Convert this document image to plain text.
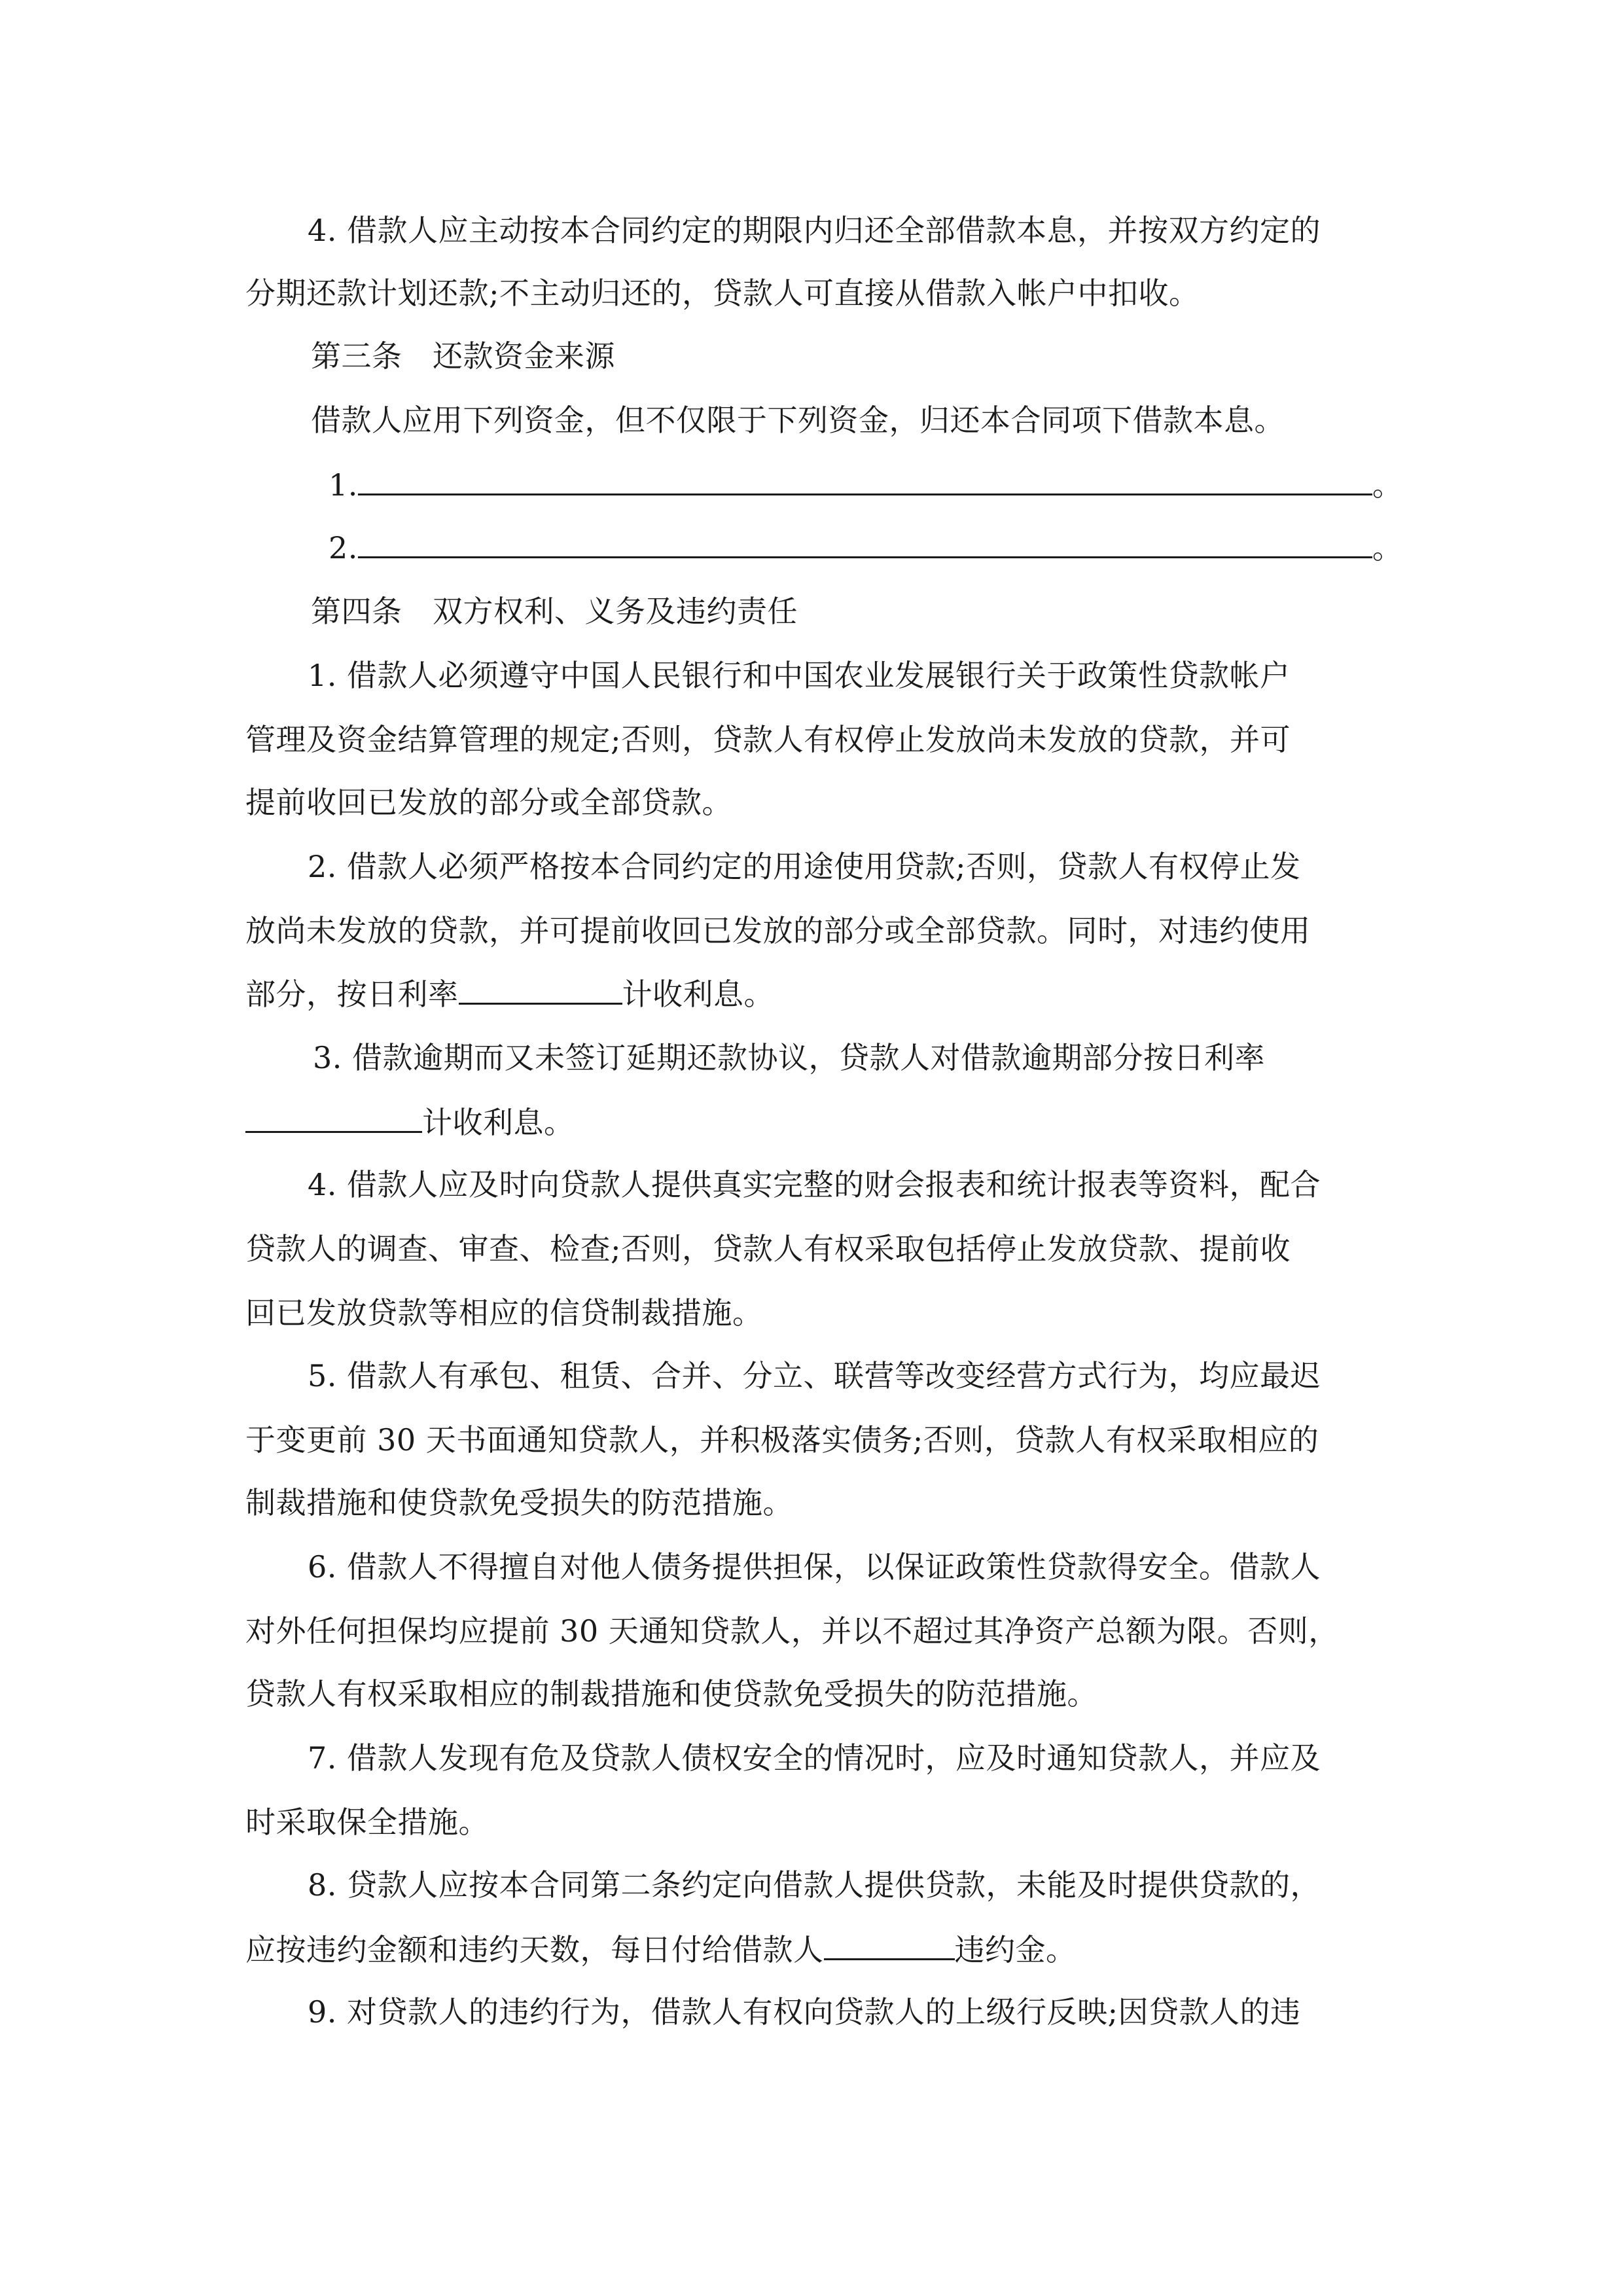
4. 借款人应主动按本合同约定的期限内归还全部借款本息，并按双方约定的
分期还款计划还款;不主动归还的，贷款人可直接从借款入帐户中扣收。
第三条　还款资金来源
借款人应用下列资金，但不仅限于下列资金，归还本合同项下借款本息。
1.	。
2.	。
第四条　双方权利、义务及违约责任
1. 借款人必须遵守中国人民银行和中国农业发展银行关于政策性贷款帐户
管理及资金结算管理的规定;否则，贷款人有权停止发放尚未发放的贷款，并可
提前收回已发放的部分或全部贷款。
2. 借款人必须严格按本合同约定的用途使用贷款;否则，贷款人有权停止发
放尚未发放的贷款，并可提前收回已发放的部分或全部贷款。同时，对违约使用
部分，按日利率	计收利息。
3. 借款逾期而又未签订延期还款协议，贷款人对借款逾期部分按日利率
计收利息。
4. 借款人应及时向贷款人提供真实完整的财会报表和统计报表等资料，配合
贷款人的调查、审查、检查;否则，贷款人有权采取包括停止发放贷款、提前收
回已发放贷款等相应的信贷制裁措施。
5. 借款人有承包、租赁、合并、分立、联营等改变经营方式行为，均应最迟
于变更前 30 天书面通知贷款人，并积极落实债务;否则，贷款人有权采取相应的
制裁措施和使贷款免受损失的防范措施。
6. 借款人不得擅自对他人债务提供担保，以保证政策性贷款得安全。借款人
对外任何担保均应提前 30 天通知贷款人，并以不超过其净资产总额为限。否则，
贷款人有权采取相应的制裁措施和使贷款免受损失的防范措施。
7. 借款人发现有危及贷款人债权安全的情况时，应及时通知贷款人，并应及
时采取保全措施。
8. 贷款人应按本合同第二条约定向借款人提供贷款，未能及时提供贷款的，
应按违约金额和违约天数，每日付给借款人	违约金。
9. 对贷款人的违约行为，借款人有权向贷款人的上级行反映;因贷款人的违
